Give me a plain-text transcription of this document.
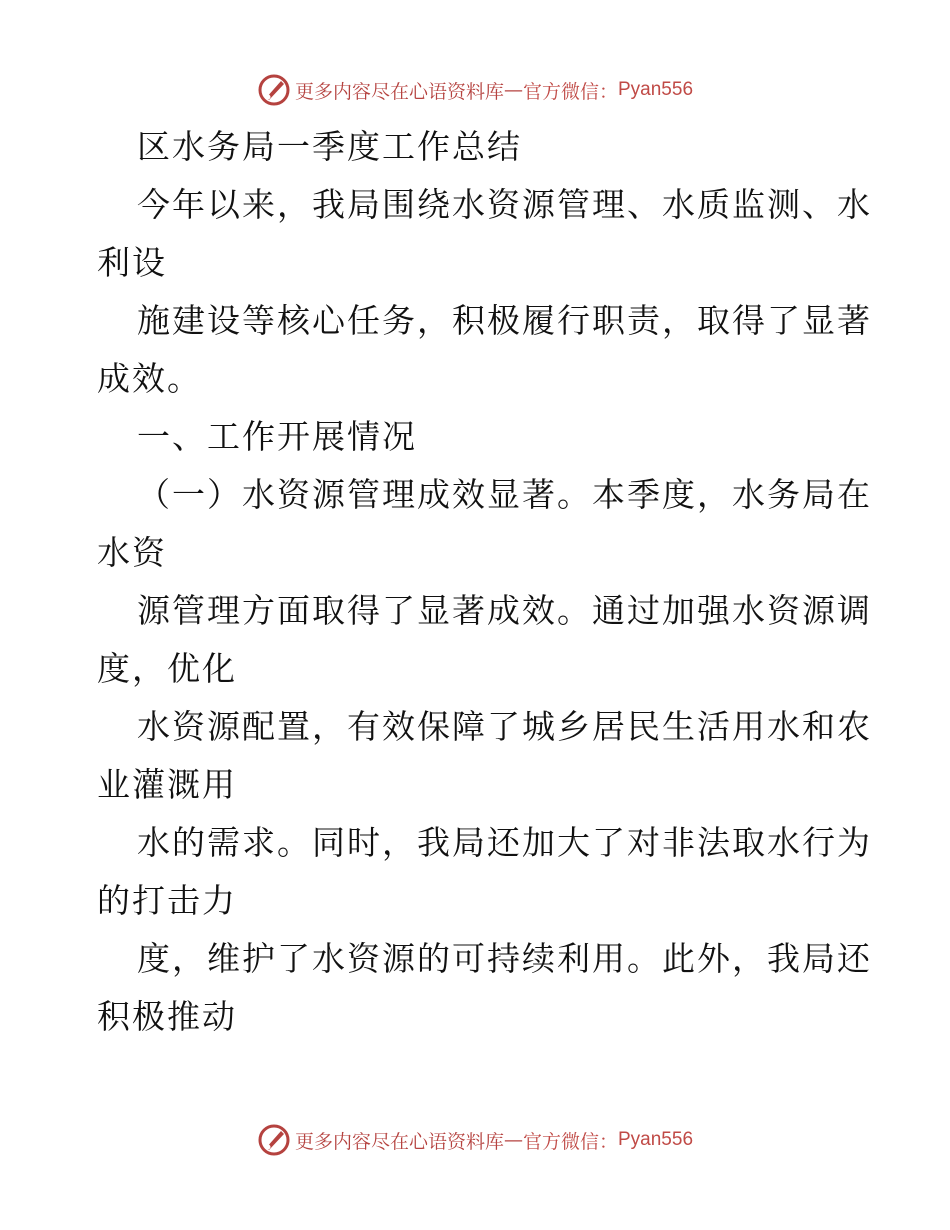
更多内容尽在心语资料库 — 官方微信： Pyan556
区水务局一季度工作总结
今年以来，我局围绕水资源管理、水质监测、水
利设
施建设等核心任务，积极履行职责，取得了显著
成效。
一、工作开展情况
（一）水资源管理成效显著。本季度，水务局在
水资
源管理方面取得了显著成效。通过加强水资源调
度，优化
水资源配置，有效保障了城乡居民生活用水和农
业灌溉用
水的需求。同时，我局还加大了对非法取水行为
的打击力
度，维护了水资源的可持续利用。此外，我局还
积极推动
更多内容尽在心语资料库 — 官方微信： Pyan556
